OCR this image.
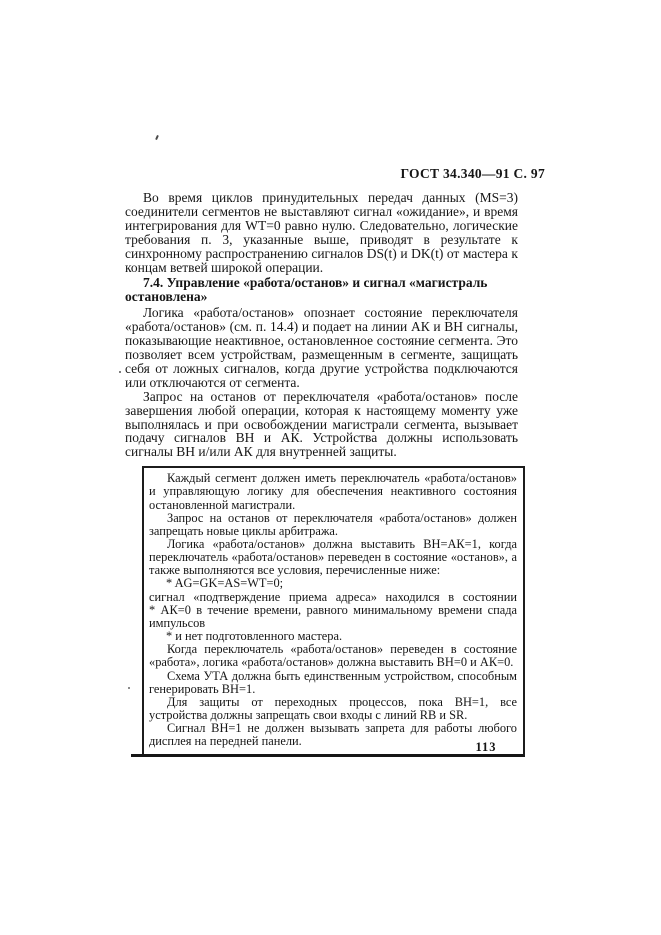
ГОСТ 34.340—91 С. 97

Во время циклов принудительных передач данных (MS=3) соединители сегментов не выставляют сигнал «ожидание», и время интегрирования для WT=0 равно нулю. Следовательно, логические требования п. 3, указанные выше, приводят в результате к синхронному распространению сигналов DS(t) и DK(t) от мастера к концам ветвей широкой операции.

7.4. Управление «работа/останов» и сигнал «магистраль остановлена»

Логика «работа/останов» опознает состояние переключателя «работа/останов» (см. п. 14.4) и подает на линии АК и ВН сигналы, показывающие неактивное, остановленное состояние сегмента. Это позволяет всем устройствам, размещенным в сегменте, защищать себя от ложных сигналов, когда другие устройства подключаются или отключаются от сегмента.

Запрос на останов от переключателя «работа/останов» после завершения любой операции, которая к настоящему моменту уже выполнялась и при освобождении магистрали сегмента, вызывает подачу сигналов ВН и АК. Устройства должны использовать сигналы ВН и/или АК для внутренней защиты.

Каждый сегмент должен иметь переключатель «работа/останов» и управляющую логику для обеспечения неактивного состояния остановленной магистрали.

Запрос на останов от переключателя «работа/останов» должен запрещать новые циклы арбитража.

Логика «работа/останов» должна выставить ВН=АК=1, когда переключатель «работа/останов» переведен в состояние «останов», а также выполняются все условия, перечисленные ниже:

* AG=GK=AS=WT=0;

сигнал «подтверждение приема адреса» находился в состоянии

* АК=0 в течение времени, равного минимальному времени спада импульсов

* и нет подготовленного мастера.

Когда переключатель «работа/останов» переведен в состояние «работа», логика «работа/останов» должна выставить ВН=0 и АК=0.

Схема УТА должна быть единственным устройством, способным генерировать ВН=1.

Для защиты от переходных процессов, пока ВН=1, все устройства должны запрещать свои входы с линий RB и SR.

Сигнал ВН=1 не должен вызывать запрета для работы любого дисплея на передней панели.	113
